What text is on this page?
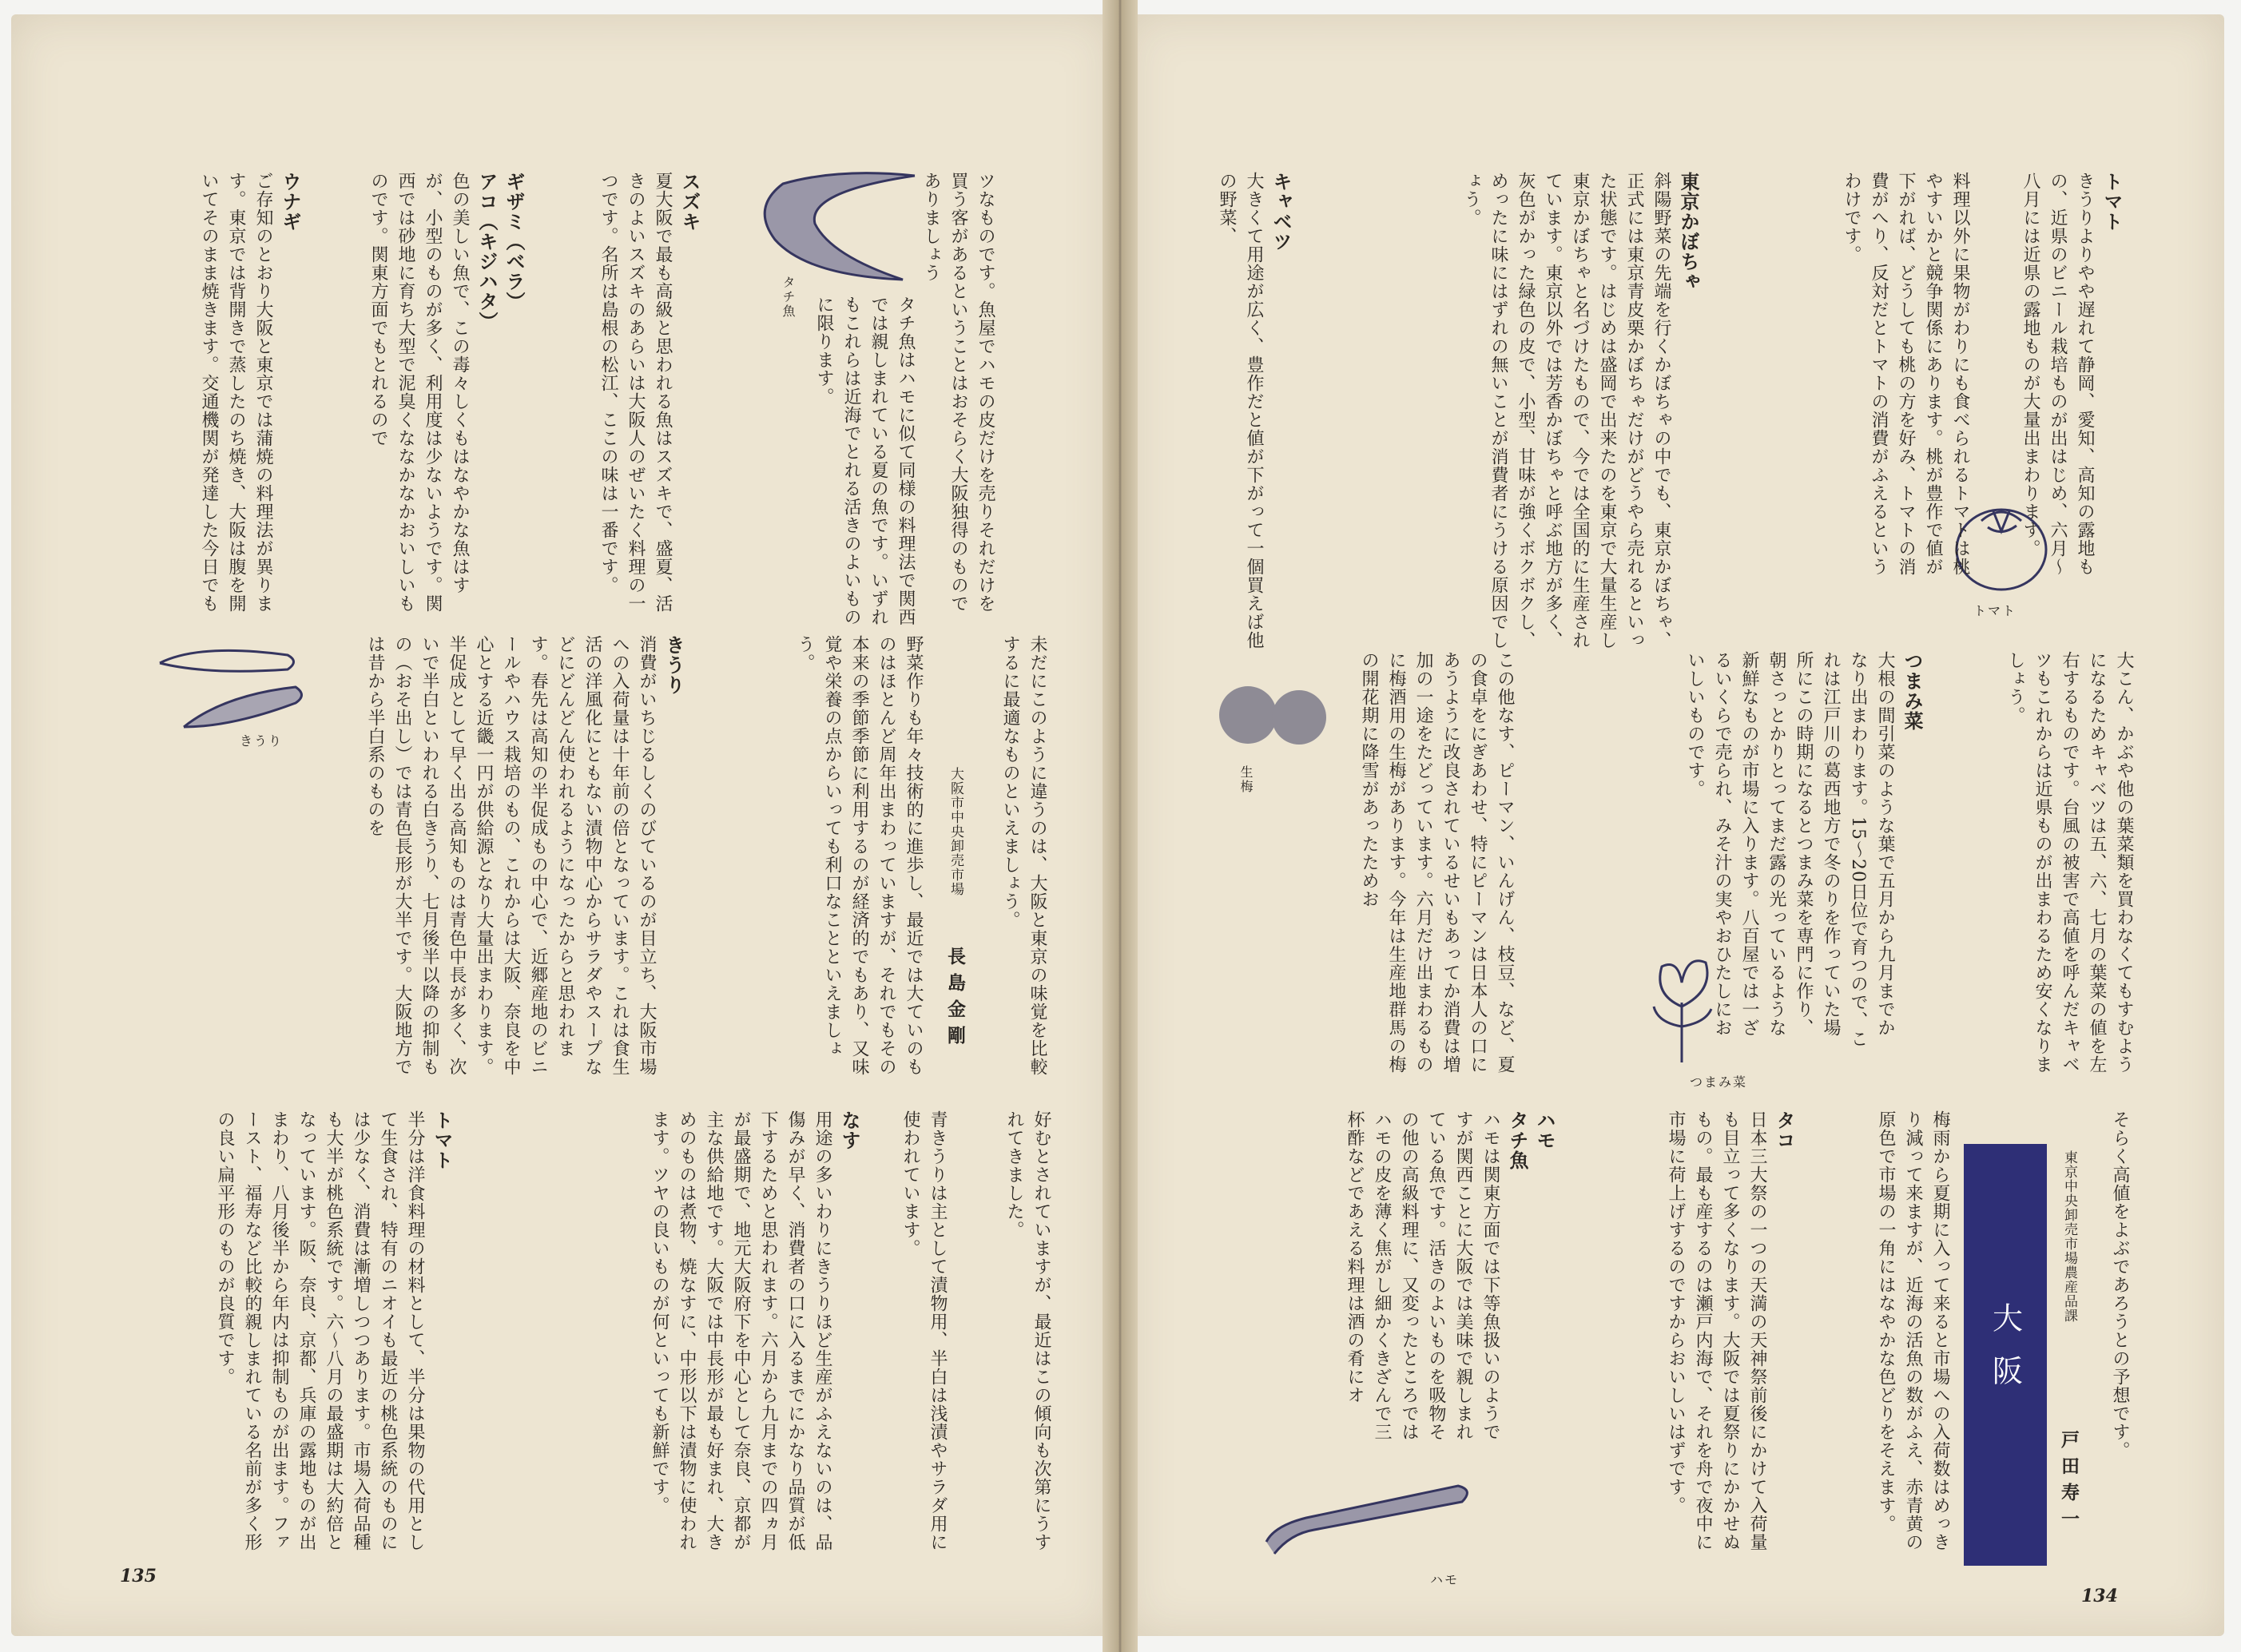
トマト
きうりよりやや遅れて静岡、愛知、高知の露地もの、近県のビニール栽培ものが出はじめ、六月〜八月には近県の露地ものが大量出まわります。
トマト
料理以外に果物がわりにも食べられるトマトは桃やすいかと競争関係にあります。桃が豊作で値が下がれば、どうしても桃の方を好み、トマトの消費がへり、反対だとトマトの消費がふえるというわけです。
東京かぼちゃ
斜陽野菜の先端を行くかぼちゃの中でも、東京かぼちゃ、正式には東京青皮栗かぼちゃだけがどうやら売れるといった状態です。はじめは盛岡で出来たのを東京で大量生産し東京かぼちゃと名づけたもので、今では全国的に生産されています。東京以外では芳香かぼちゃと呼ぶ地方が多く、灰色がかった緑色の皮で、小型、甘味が強くボクボクし、めったに味にはずれの無いことが消費者にうける原因でしょう。
キャベツ
大きくて用途が広く、豊作だと値が下がって一個買えば他の野菜、
大こん、かぶや他の葉菜類を買わなくてもすむようになるためキャベツは五、六、七月の葉菜の値を左右するものです。台風の被害で高値を呼んだキャベツもこれからは近県ものが出まわるため安くなりましょう。
つまみ菜
大根の間引菜のような葉で五月から九月までかなり出まわります。15〜20日位で育つので、これは江戸川の葛西地方で冬のりを作っていた場所にこの時期になるとつまみ菜を専門に作り、朝さっとかりとってまだ露の光っているような新鮮なものが市場に入ります。八百屋では一ざるいくらで売られ、みそ汁の実やおひたしにおいしいものです。
つまみ菜
この他なす、ピーマン、いんげん、枝豆、など、夏の食卓をにぎあわせ、特にピーマンは日本人の口にあうように改良されているせいもあってか消費は増加の一途をたどっています。六月だけ出まわるものに梅酒用の生梅があります。今年は生産地群馬の梅の開花期に降雪があったためお
生梅
そらく高値をよぶであろうとの予想です。
東京中央卸売市場農産品課
戸田寿一
大阪
梅雨から夏期に入って来ると市場への入荷数はめっきり減って来ますが、近海の活魚の数がふえ、赤青黄の原色で市場の一角にはなやかな色どりをそえます。
タコ
日本三大祭の一つの天満の天神祭前後にかけて入荷量も目立って多くなります。大阪では夏祭りにかかせぬもの。最も産するのは瀬戸内海で、それを舟で夜中に市場に荷上げするのですからおいしいはずです。
ハモ
タチ魚
ハモは関東方面では下等魚扱いのようですが関西ことに大阪では美味で親しまれている魚です。活きのよいものを吸物その他の高級料理に、又変ったところではハモの皮を薄く焦がし細かくきざんで三杯酢などであえる料理は酒の肴にオ
ハモ
134
ツなものです。魚屋でハモの皮だけを売りそれだけを買う客があるということはおそらく大阪独得のものでありましょう
タチ魚	タチ魚はハモに似て同様の料理法で関西では親しまれている夏の魚です。いずれもこれらは近海でとれる活きのよいものに限ります。
スズキ
夏大阪で最も高級と思われる魚はスズキで、盛夏、活きのよいスズキのあらいは大阪人のぜいたく料理の一つです。名所は島根の松江、ここの味は一番です。
ギザミ（ベラ）
アコ（キジハタ）
色の美しい魚で、この毒々しくもはなやかな魚はすが、小型のものが多く、利用度は少ないようです。関西では砂地に育ち大型で泥臭くななかなかおいしいものです。関東方面でもとれるので
ウナギ
ご存知のとおり大阪と東京では蒲焼の料理法が異ります。東京では背開きで蒸したのち焼き、大阪は腹を開いてそのまま焼きます。交通機関が発達した今日でも
未だにこのように違うのは、大阪と東京の味覚を比較するに最適なものといえましょう。
大阪市中央卸売市場
長島金剛
野菜作りも年々技術的に進歩し、最近では大ていのものはほとんど周年出まわっていますが、それでもその本来の季節季節に利用するのが経済的でもあり、又味覚や栄養の点からいっても利口なことといえましょう。
きうり
消費がいちじるしくのびているのが目立ち、大阪市場への入荷量は十年前の倍となっています。これは食生活の洋風化にともない漬物中心からサラダやスープなどにどんどん使われるようになったからと思われます。春先は高知の半促成もの中心で、近郷産地のビニールやハウス栽培のもの、これからは大阪、奈良を中心とする近畿一円が供給源となり大量出まわります。半促成として早く出る高知ものは青色中長が多く、次いで半白といわれる白きうり、七月後半以降の抑制もの（おそ出し）では青色長形が大半です。大阪地方では昔から半白系のものを
きうり
好むとされていますが、最近はこの傾向も次第にうすれてきました。
青きうりは主として漬物用、半白は浅漬やサラダ用に使われています。
なす
用途の多いわりにきうりほど生産がふえないのは、品傷みが早く、消費者の口に入るまでにかなり品質が低下するためと思われます。六月から九月までの四ヵ月が最盛期で、地元大阪府下を中心として奈良、京都が主な供給地です。大阪では中長形が最も好まれ、大きめのものは煮物、焼なすに、中形以下は漬物に使われます。ツヤの良いものが何といっても新鮮です。
トマト
半分は洋食料理の材料として、半分は果物の代用として生食され、特有のニオイも最近の桃色系統のものには少なく、消費は漸増しつつあります。市場入荷品種も大半が桃色系統です。六〜八月の最盛期は大約倍となっています。阪、奈良、京都、兵庫の露地ものが出まわり、八月後半から年内は抑制ものが出ます。ファースト、福寿など比較的親しまれている名前が多く形の良い扁平形のものが良質です。
135
